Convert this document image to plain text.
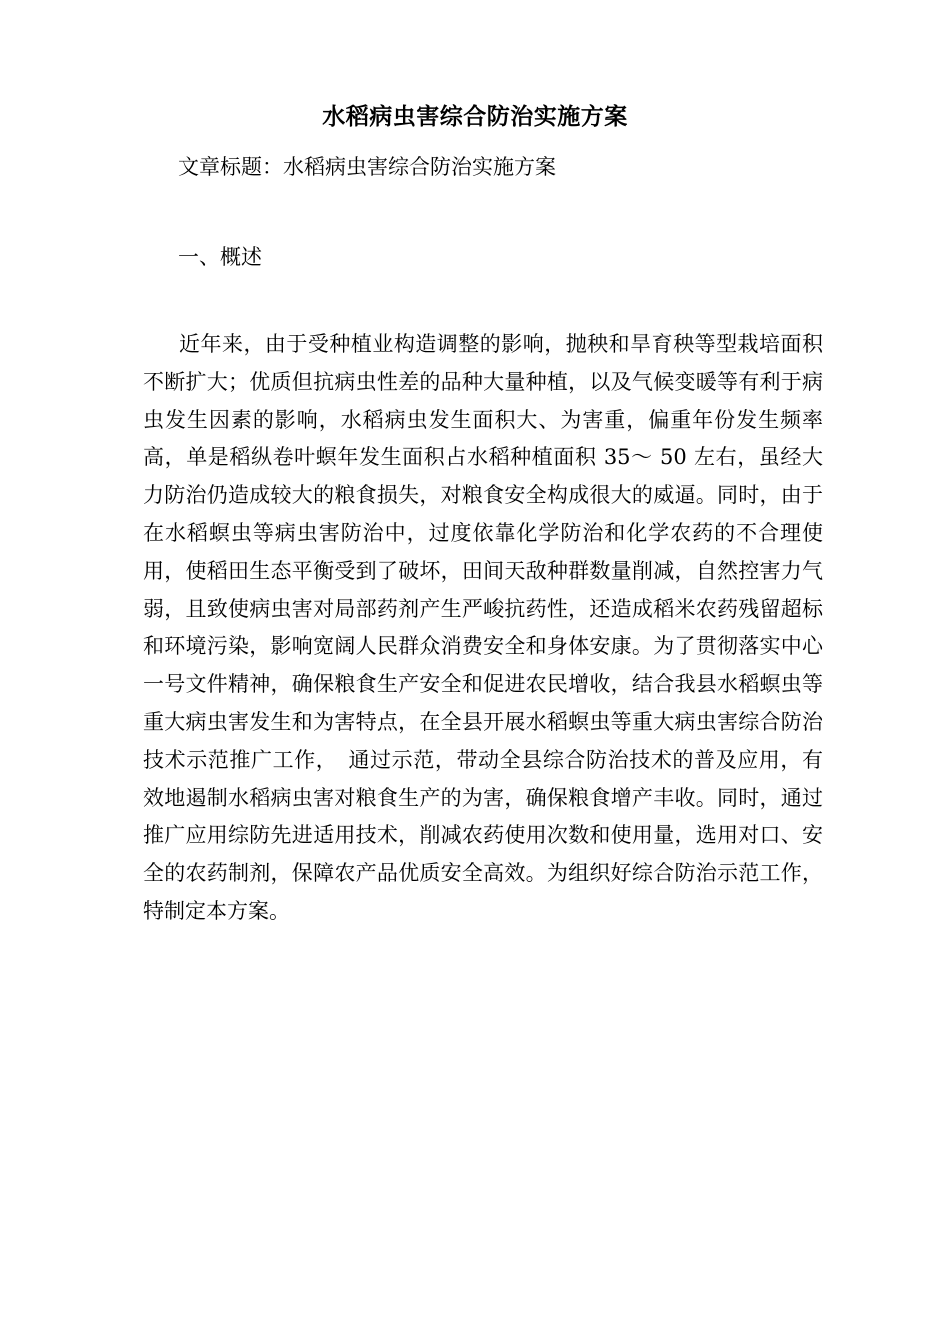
水稻病虫害综合防治实施方案
文章标题：水稻病虫害综合防治实施方案
一、概述
近年来，由于受种植业构造调整的影响，抛秧和旱育秧等型栽培面积不断扩大；优质但抗病虫性差的品种大量种植，以及气候变暖等有利于病虫发生因素的影响，水稻病虫发生面积大、为害重，偏重年份发生频率高，单是稻纵卷叶螟年发生面积占水稻种植面积 35～ 50 左右，虽经大力防治仍造成较大的粮食损失，对粮食安全构成很大的威逼。同时，由于在水稻螟虫等病虫害防治中，过度依靠化学防治和化学农药的不合理使用，使稻田生态平衡受到了破坏，田间天敌种群数量削减，自然控害力气弱，且致使病虫害对局部药剂产生严峻抗药性，还造成稻米农药残留超标和环境污染，影响宽阔人民群众消费安全和身体安康。为了贯彻落实中心一号文件精神，确保粮食生产安全和促进农民增收，结合我县水稻螟虫等重大病虫害发生和为害特点，在全县开展水稻螟虫等重大病虫害综合防治技术示范推广工作，　通过示范，带动全县综合防治技术的普及应用，有效地遏制水稻病虫害对粮食生产的为害，确保粮食增产丰收。同时，通过推广应用综防先进适用技术，削减农药使用次数和使用量，选用对口、安全的农药制剂，保障农产品优质安全高效。为组织好综合防治示范工作，特制定本方案。
